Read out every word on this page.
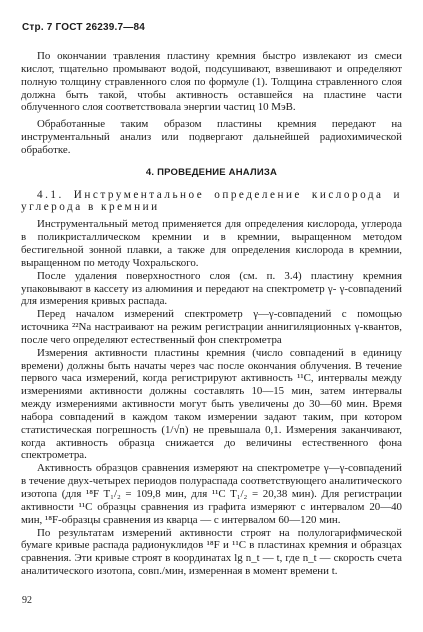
Стр. 7 ГОСТ 26239.7—84

По окончании травления пластину кремния быстро извлекают из смеси кислот, тщательно промывают водой, подсушивают, взвешивают и определяют полную толщину стравленного слоя по формуле (1). Толщина стравленного слоя должна быть такой, чтобы активность оставшейся на пластине части облученного слоя соответствовала энергии частиц 10 МэВ.

Обработанные таким образом пластины кремния передают на инструментальный анализ или подвергают дальнейшей радиохимической обработке.

4. ПРОВЕДЕНИЕ АНАЛИЗА

4.1. Инструментальное определение кислорода и углерода в кремнии

Инструментальный метод применяется для определения кислорода, углерода в поликристаллическом кремнии и в кремнии, выращенном методом бестигельной зонной плавки, а также для определения кислорода в кремнии, выращенном по методу Чохральского.

После удаления поверхностного слоя (см. п. 3.4) пластину кремния упаковывают в кассету из алюминия и передают на спектрометр γ- γ-совпадений для измерения кривых распада.

Перед началом измерений спектрометр γ—γ-совпадений с помощью источника ²²Na настраивают на режим регистрации аннигиляционных γ-квантов, после чего определяют естественный фон спектрометра

Измерения активности пластины кремния (число совпадений в единицу времени) должны быть начаты через час после окончания облучения. В течение первого часа измерений, когда регистрируют активность ¹¹C, интервалы между измерениями активности должны составлять 10—15 мин, затем интервалы между измерениями активности могут быть увеличены до 30—60 мин. Время набора совпадений в каждом таком измерении задают таким, при котором статистическая погрешность (1/√n) не превышала 0,1. Измерения заканчивают, когда активность образца снижается до величины естественного фона спектрометра.

Активность образцов сравнения измеряют на спектрометре γ—γ-совпадений в течение двух-четырех периодов полураспада соответствующего аналитического изотопа (для ¹⁸F T₁/₂ = 109,8 мин, для ¹¹C T₁/₂ = 20,38 мин). Для регистрации активности ¹¹C образцы сравнения из графита измеряют с интервалом 20—40 мин, ¹⁸F-образцы сравнения из кварца — с интервалом 60—120 мин.

По результатам измерений активности строят на полулогарифмической бумаге кривые распада радионуклидов ¹⁸F и ¹¹C в пластинах кремния и образцах сравнения. Эти кривые строят в координатах lg n_t — t, где n_t — скорость счета аналитического изотопа, совп./мин, измеренная в момент времени t.

92
